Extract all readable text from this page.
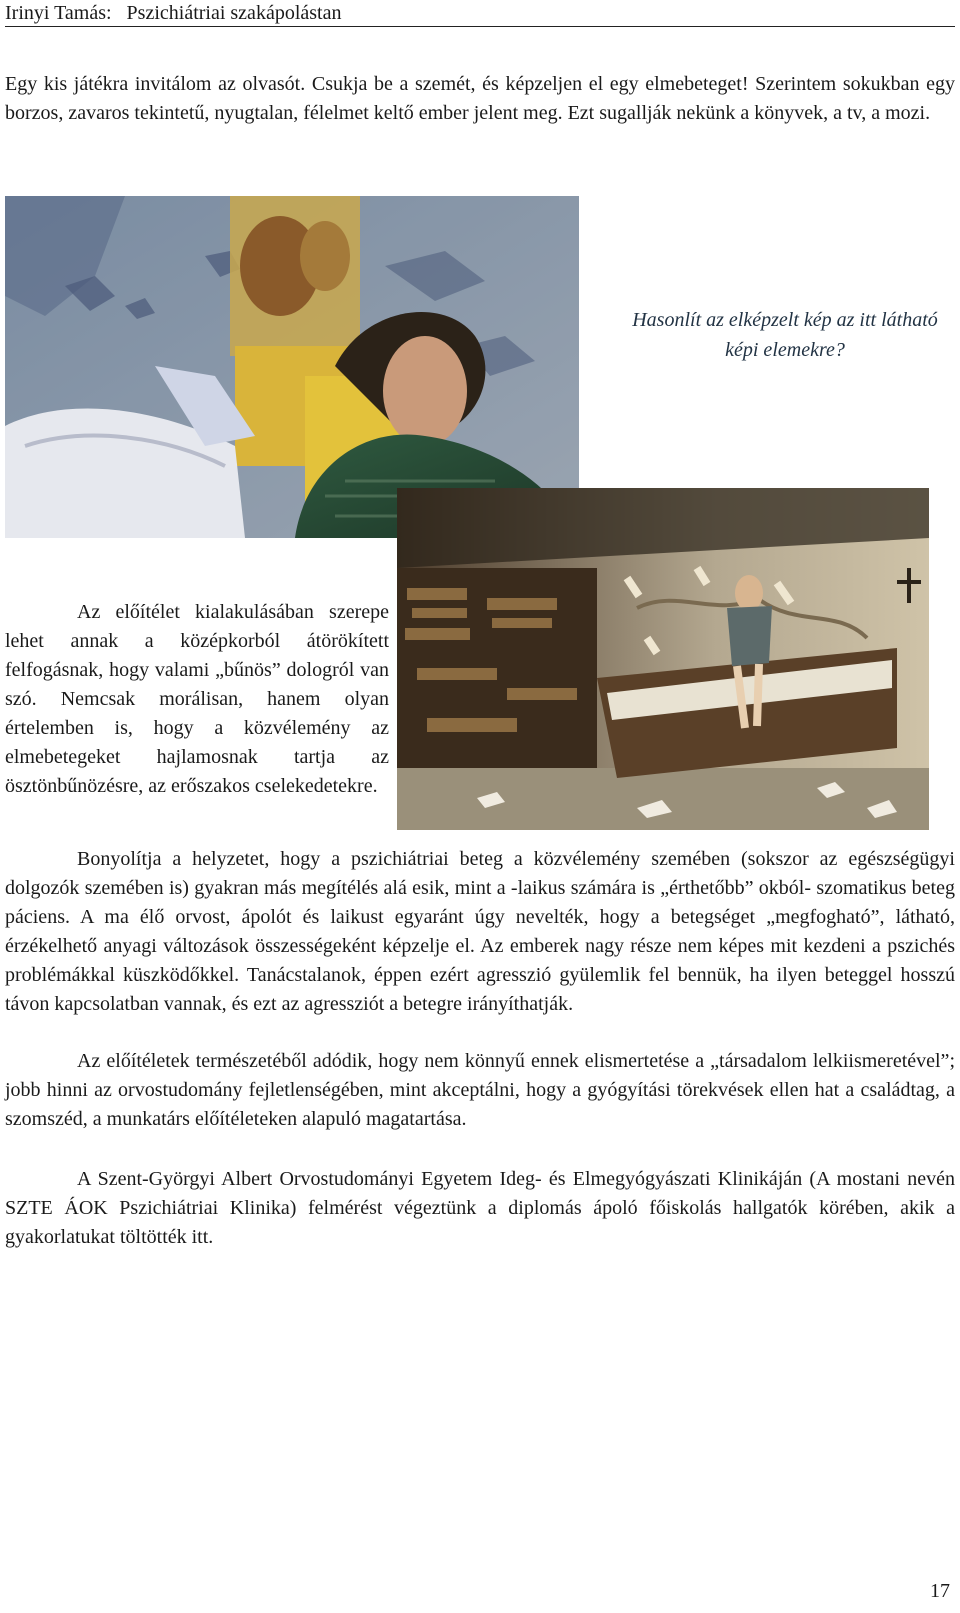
Irinyi Tamás:   Pszichiátriai szakápolástan

Egy kis játékra invitálom az olvasót. Csukja be a szemét, és képzeljen el egy elmebeteget! Szerintem sokukban egy borzos, zavaros tekintetű, nyugtalan, félelmet keltő ember jelent meg. Ezt sugallják nekünk a könyvek, a tv, a mozi.

Hasonlít az elképzelt kép az itt látható képi elemekre?

Az előítélet kialakulásában szerepe lehet annak a középkorból átörökített felfogásnak, hogy valami „bűnös” dologról van szó. Nemcsak morálisan, hanem olyan értelemben is, hogy a közvélemény az elmebetegeket hajlamosnak tartja az ösztönbűnözésre, az erőszakos cselekedetekre.

Bonyolítja a helyzetet, hogy a pszichiátriai beteg a közvélemény szemében (sokszor az egészségügyi dolgozók szemében is) gyakran más megítélés alá esik, mint a -laikus számára is „érthetőbb” okból- szomatikus beteg páciens. A ma élő orvost, ápolót és laikust egyaránt úgy nevelték, hogy a betegséget „megfogható”, látható, érzékelhető anyagi változások összességeként képzelje el. Az emberek nagy része nem képes mit kezdeni a pszichés problémákkal küszködőkkel. Tanácstalanok, éppen ezért agresszió gyülemlik fel bennük, ha ilyen beteggel hosszú távon kapcsolatban vannak, és ezt az agressziót a betegre irányíthatják.

Az előítéletek természetéből adódik, hogy nem könnyű ennek elismertetése a „társadalom lelkiismeretével”; jobb hinni az orvostudomány fejletlenségében, mint akceptálni, hogy a gyógyítási törekvések ellen hat a családtag, a szomszéd, a munkatárs előítéleteken alapuló magatartása.

A Szent-Györgyi Albert Orvostudományi Egyetem Ideg- és Elmegyógyászati Klinikáján (A mostani nevén SZTE ÁOK Pszichiátriai Klinika) felmérést végeztünk a diplomás ápoló főiskolás hallgatók körében, akik a gyakorlatukat töltötték itt.

17
